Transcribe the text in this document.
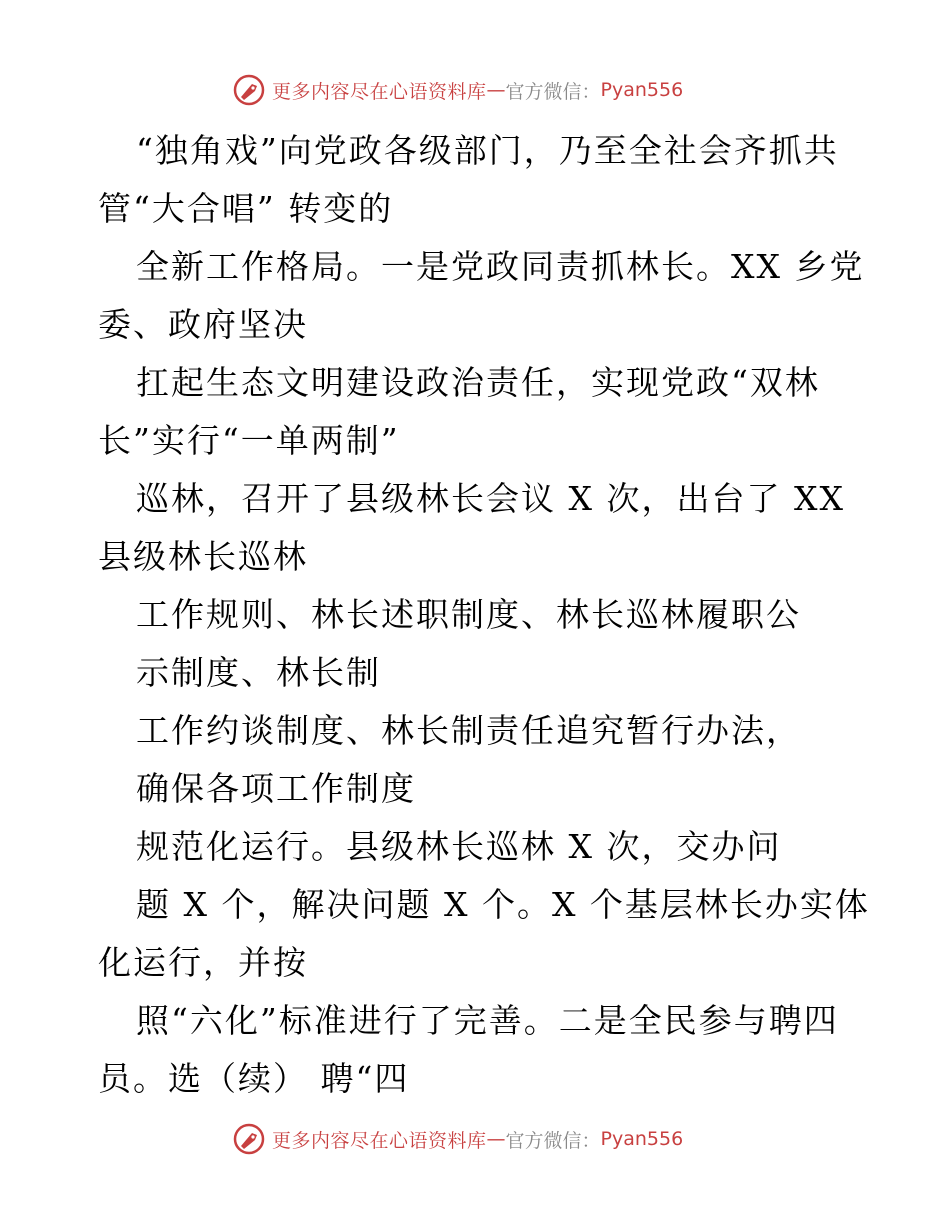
更多内容尽在心语资料库 — 官方微信： Pyan556
“独角戏”向党政各级部门，乃至全社会齐抓共
管“大合唱” 转变的
全新工作格局。一是党政同责抓林长。XX 乡党
委、政府坚决
扛起生态文明建设政治责任，实现党政“双林
长”实行“一单两制”
巡林，召开了县级林长会议 X 次，出台了 XX
县级林长巡林
工作规则、林长述职制度、林长巡林履职公
示制度、林长制
工作约谈制度、林长制责任追究暂行办法，
确保各项工作制度
规范化运行。县级林长巡林 X 次，交办问
题 X 个，解决问题 X 个。X 个基层林长办实体
化运行，并按
照“六化”标准进行了完善。二是全民参与聘四
员。选（续） 聘“四
更多内容尽在心语资料库 — 官方微信： Pyan556
